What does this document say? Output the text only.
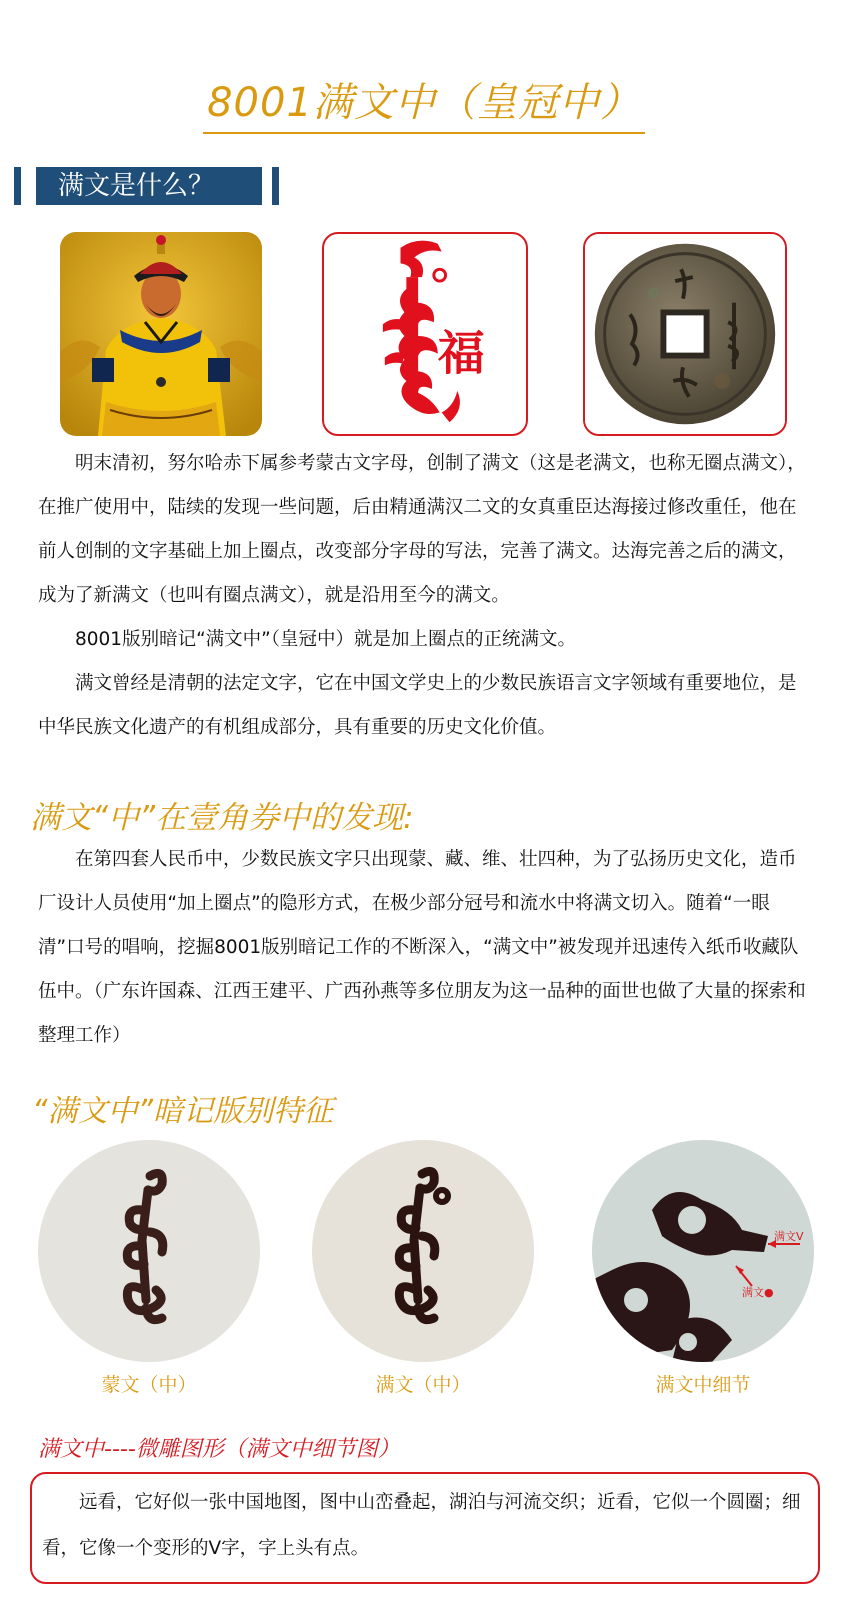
8001满文中（皇冠中）
满文是什么？
福

明末清初，努尔哈赤下属参考蒙古文字母，创制了满文（这是老满文，也称无圈点满文），在推广使用中，陆续的发现一些问题，后由精通满汉二文的女真重臣达海接过修改重任，他在前人创制的文字基础上加上圈点，改变部分字母的写法，完善了满文。达海完善之后的满文，成为了新满文（也叫有圈点满文），就是沿用至今的满文。

8001版别暗记“满文中”（皇冠中）就是加上圈点的正统满文。

满文曾经是清朝的法定文字，它在中国文学史上的少数民族语言文字领域有重要地位，是中华民族文化遗产的有机组成部分，具有重要的历史文化价值。

满文“中”在壹角券中的发现:

在第四套人民币中，少数民族文字只出现蒙、藏、维、壮四种，为了弘扬历史文化，造币厂设计人员使用“加上圈点”的隐形方式，在极少部分冠号和流水中将满文切入。随着“一眼清”口号的唱响，挖掘8001版别暗记工作的不断深入，“满文中”被发现并迅速传入纸币收藏队伍中。（广东许国森、江西王建平、广西孙燕等多位朋友为这一品种的面世也做了大量的探索和整理工作）

“满文中”暗记版别特征
满文V
满文●
蒙文（中）	满文（中）	满文中细节
满文中----微雕图形（满文中细节图）

远看，它好似一张中国地图，图中山峦叠起，湖泊与河流交织；近看，它似一个圆圈；细看，它像一个变形的V字，字上头有点。
